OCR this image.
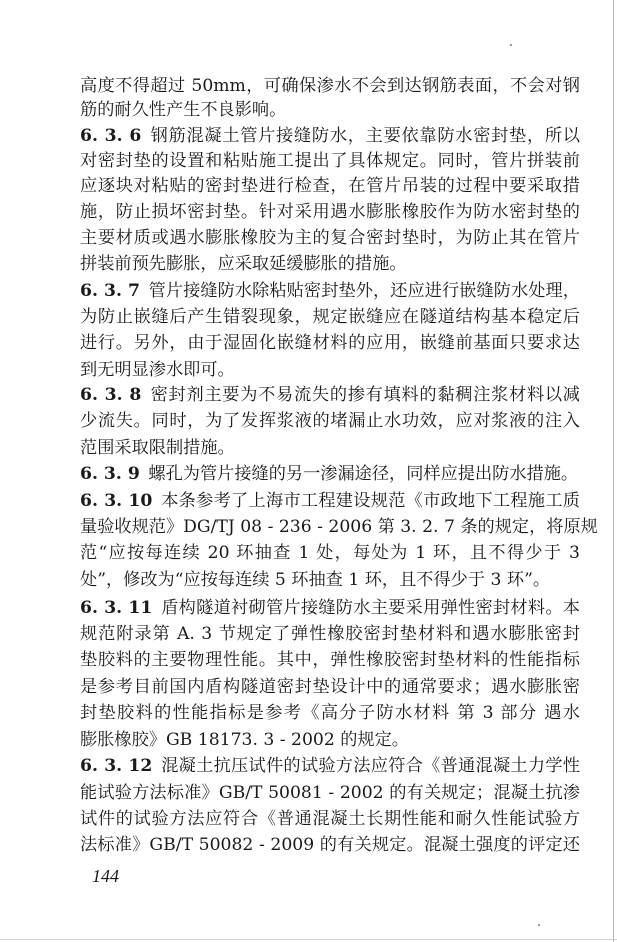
高度不得超过 50mm，可确保渗水不会到达钢筋表面，不会对钢
筋的耐久性产生不良影响。
6. 3. 6  钢筋混凝土管片接缝防水，主要依靠防水密封垫，所以
对密封垫的设置和粘贴施工提出了具体规定。同时，管片拼装前
应逐块对粘贴的密封垫进行检查，在管片吊装的过程中要采取措
施，防止损坏密封垫。针对采用遇水膨胀橡胶作为防水密封垫的
主要材质或遇水膨胀橡胶为主的复合密封垫时，为防止其在管片
拼装前预先膨胀，应采取延缓膨胀的措施。
6. 3. 7  管片接缝防水除粘贴密封垫外，还应进行嵌缝防水处理，
为防止嵌缝后产生错裂现象，规定嵌缝应在隧道结构基本稳定后
进行。另外，由于湿固化嵌缝材料的应用，嵌缝前基面只要求达
到无明显渗水即可。
6. 3. 8  密封剂主要为不易流失的掺有填料的黏稠注浆材料以减
少流失。同时，为了发挥浆液的堵漏止水功效，应对浆液的注入
范围采取限制措施。
6. 3. 9  螺孔为管片接缝的另一渗漏途径，同样应提出防水措施。
6. 3. 10  本条参考了上海市工程建设规范《市政地下工程施工质
量验收规范》DG/TJ 08 - 236 - 2006 第 3. 2. 7 条的规定，将原规
范“应按每连续 20 环抽查 1 处，每处为 1 环，且不得少于 3
处”，修改为“应按每连续 5 环抽查 1 环，且不得少于 3 环”。
6. 3. 11  盾构隧道衬砌管片接缝防水主要采用弹性密封材料。本
规范附录第 A. 3 节规定了弹性橡胶密封垫材料和遇水膨胀密封
垫胶料的主要物理性能。其中，弹性橡胶密封垫材料的性能指标
是参考目前国内盾构隧道密封垫设计中的通常要求；遇水膨胀密
封垫胶料的性能指标是参考《高分子防水材料 第 3 部分 遇水
膨胀橡胶》GB 18173. 3 - 2002 的规定。
6. 3. 12  混凝土抗压试件的试验方法应符合《普通混凝土力学性
能试验方法标准》GB/T 50081 - 2002 的有关规定；混凝土抗渗
试件的试验方法应符合《普通混凝土长期性能和耐久性能试验方
法标准》GB/T 50082 - 2009 的有关规定。混凝土强度的评定还
144
